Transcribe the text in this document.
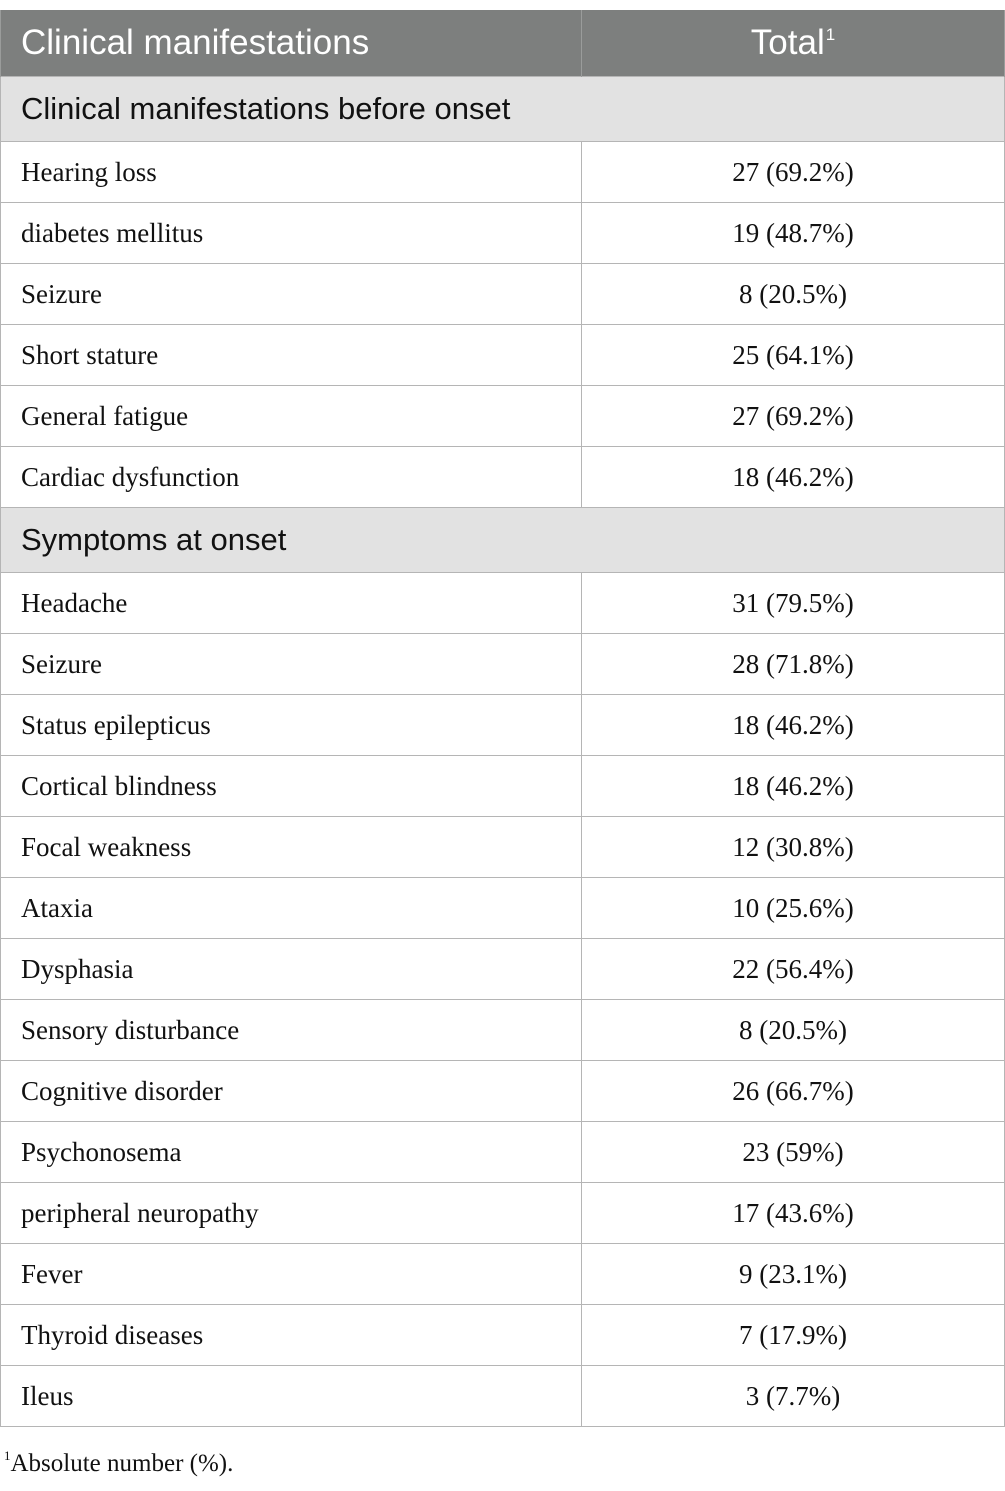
Clinical manifestations	Total$^1$
Clinical manifestations before onset	
Hearing loss	27 (69.2%)
diabetes mellitus	19 (48.7%)
Seizure	8 (20.5%)
Short stature	25 (64.1%)
General fatigue	27 (69.2%)
Cardiac dysfunction	18 (46.2%)
Symptoms at onset	
Headache	31 (79.5%)
Seizure	28 (71.8%)
Status epilepticus	18 (46.2%)
Cortical blindness	18 (46.2%)
Focal weakness	12 (30.8%)
Ataxia	10 (25.6%)
Dysphasia	22 (56.4%)
Sensory disturbance	8 (20.5%)
Cognitive disorder	26 (66.7%)
Psychonosema	23 (59%)
peripheral neuropathy	17 (43.6%)
Fever	9 (23.1%)
Thyroid diseases	7 (17.9%)
Ileus	3 (7.7%)
$^1$Absolute number (%).
